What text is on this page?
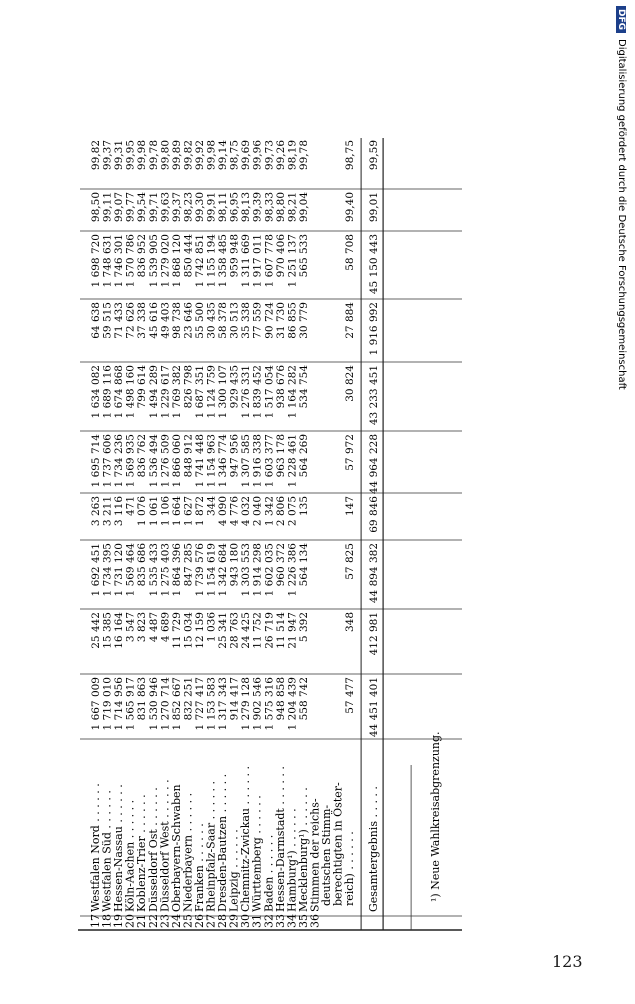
DFGDigitalisierung gefördert durch die Deutsche Forschungsgemeinschaft
17
Westfalen Nord . . . . . .
1 667 009
25 442
1 692 451
3 263
1 695 714
1 634 082
64 638
1 698 720
98,50
99,82
18
Westfalen Süd . . . . . .
1 719 010
15 385
1 734 395
3 211
1 737 606
1 689 116
59 515
1 748 631
99,11
99,37
19
Hessen-Nassau . . . . . .
1 714 956
16 164
1 731 120
3 116
1 734 236
1 674 868
71 433
1 746 301
99,07
99,31
20
Köln-Aachen . . . . . .
1 565 917
3 547
1 569 464
471
1 569 935
1 498 160
72 626
1 570 786
99,77
99,95
21
Koblenz-Trier . . . . . .
831 863
3 823
835 686
1 076
836 762
799 614
37 338
836 952
99,54
99,98
22
Düsseldorf Ost . . . . . .
1 530 946
4 487
1 535 433
1 061
1 536 494
1 494 289
45 616
1 539 905
99,71
99,78
23
Düsseldorf West . . . . . .
1 270 714
4 689
1 275 403
1 106
1 276 509
1 229 617
49 403
1 279 020
99,63
99,80
24
Oberbayern-Schwaben
1 852 667
11 729
1 864 396
1 664
1 866 060
1 769 382
98 738
1 868 120
99,37
99,89
25
Niederbayern . . . . . .
832 251
15 034
847 285
1 627
848 912
826 798
23 646
850 444
98,23
99,82
26
Franken . . . . . .
1 727 417
12 159
1 739 576
1 872
1 741 448
1 687 351
55 500
1 742 851
99,30
99,92
27
Rheinpfalz-Saar . . . . . .
1 153 583
1 036
1 154 619
344
1 154 963
1 124 759
30 435
1 155 194
99,91
99,98
28
Dresden-Bautzen . . . . . .
1 317 343
25 341
1 342 684
4 090
1 346 774
1 300 107
58 378
1 358 485
98,11
99,14
29
Leipzig . . . . . .
914 417
28 763
943 180
4 776
947 956
929 435
30 513
959 948
96,95
98,75
30
Chemnitz-Zwickau . . . . . .
1 279 128
24 425
1 303 553
4 032
1 307 585
1 276 331
35 338
1 311 669
98,13
99,69
31
Württemberg . . . . . .
1 902 546
11 752
1 914 298
2 040
1 916 338
1 839 452
77 559
1 917 011
99,39
99,96
32
Baden . . . . . .
1 575 316
26 719
1 602 035
1 342
1 603 377
1 517 054
90 724
1 607 778
98,33
99,73
33
Hessen-Darmstadt . . . . . .
948 858
11 514
960 372
2 806
963 178
938 676
31 730
970 406
98,80
99,26
34
Hamburg¹) . . . . . .
1 204 439
21 947
1 226 386
2 075
1 228 461
1 164 282
86 855
1 251 137
98,21
98,19
35
Mecklenburg¹) . . . . . .
558 742
5 392
564 134
135
564 269
534 754
30 779
565 533
99,04
99,78
36
Stimmen der reichs-
deutschen Stimm-
berechtigten in Öster-
reich) . . . . . .
57 477
348
57 825
147
57 972
30 824
27 884
58 708
99,40
98,75
Gesamtergebnis . . . . .
44 451 401
412 981
44 894 382
69 846
44 964 228
43 233 451
1 916 992
45 150 443
99,01
99,59
¹) Neue Wahlkreisabgrenzung.
123
